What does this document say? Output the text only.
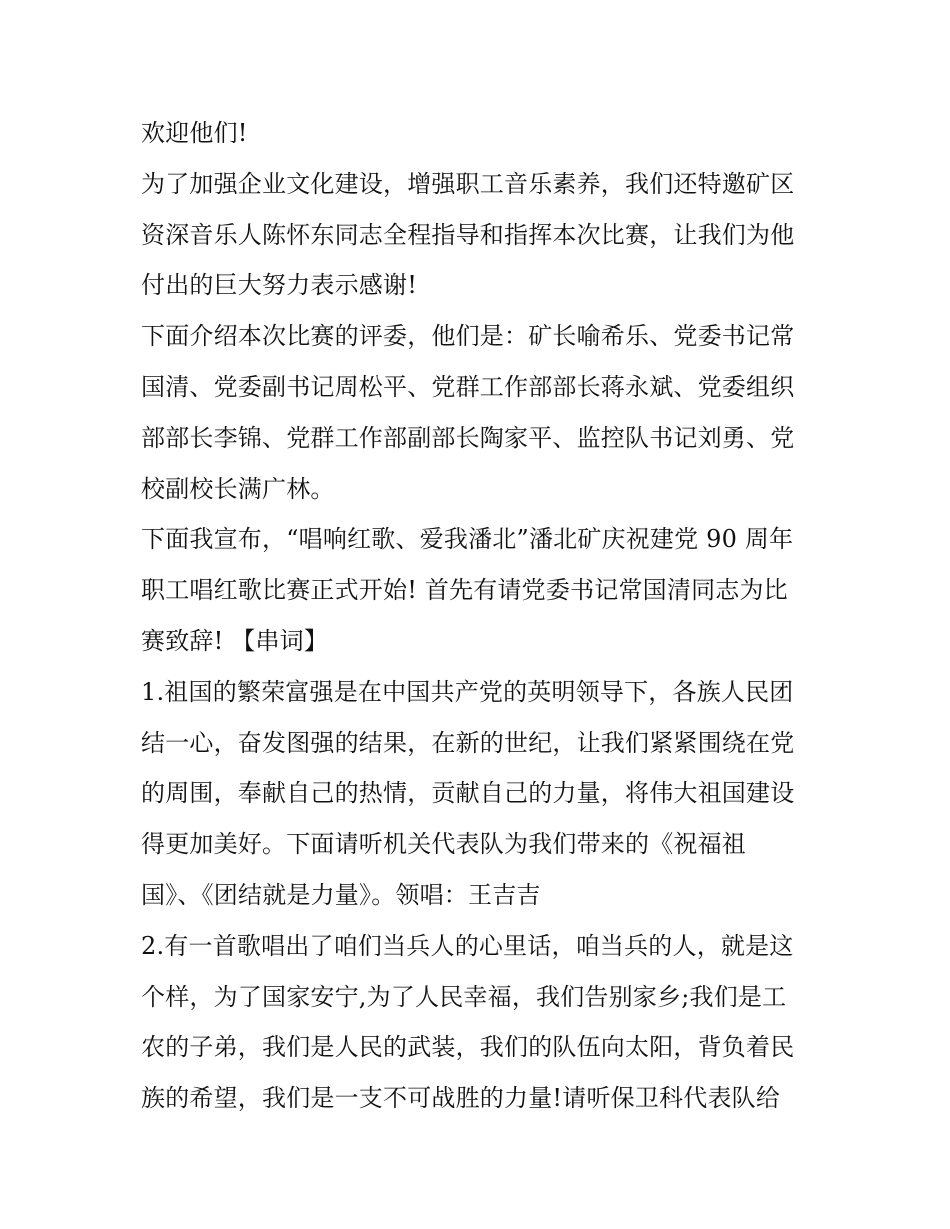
欢迎他们!
为了加强企业文化建设，增强职工音乐素养，我们还特邀矿区
资深音乐人陈怀东同志全程指导和指挥本次比赛，让我们为他
付出的巨大努力表示感谢!
下面介绍本次比赛的评委，他们是：矿长喻希乐、党委书记常
国清、党委副书记周松平、党群工作部部长蒋永斌、党委组织
部部长李锦、党群工作部副部长陶家平、监控队书记刘勇、党
校副校长满广林。
下面我宣布，“唱响红歌、爱我潘北”潘北矿庆祝建党 90 周年
职工唱红歌比赛正式开始! 首先有请党委书记常国清同志为比
赛致辞! 【串词】
1.祖国的繁荣富强是在中国共产党的英明领导下，各族人民团
结一心，奋发图强的结果，在新的世纪，让我们紧紧围绕在党
的周围，奉献自己的热情，贡献自己的力量，将伟大祖国建设
得更加美好。下面请听机关代表队为我们带来的《祝福祖
国》、《团结就是力量》。领唱：王吉吉
2.有一首歌唱出了咱们当兵人的心里话，咱当兵的人，就是这
个样，为了国家安宁,为了人民幸福，我们告别家乡;我们是工
农的子弟，我们是人民的武装，我们的队伍向太阳，背负着民
族的希望，我们是一支不可战胜的力量!请听保卫科代表队给
